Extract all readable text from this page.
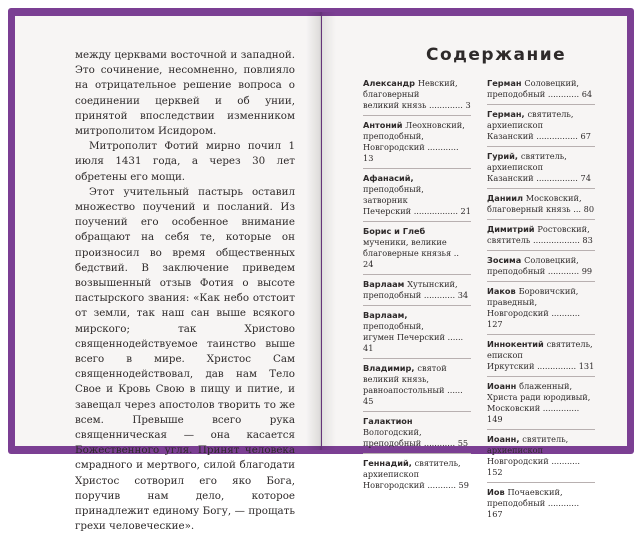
между церквами восточной и западной. Это сочинение, несомненно, повлияло на отрицательное решение вопроса о соединении церквей и об унии, принятой впоследствии изменником митрополитом Исидором.

Митрополит Фотий мирно почил 1 июля 1431 года, а через 30 лет обретены его мощи.

Этот учительный пастырь оставил множество поучений и посланий. Из поучений его особенное внимание обращают на себя те, которые он произносил во время общественных бедствий. В заключение приведем возвышенный отзыв Фотия о высоте пастырского звания: «Как небо отстоит от земли, так наш сан выше всякого мирского; так Христово священнодействуемое таинство выше всего в мире. Христос Сам священнодействовал, дав нам Тело Свое и Кровь Свою в пищу и питие, и завещал через апостолов творить то же всем. Превыше всего рука священническая — она касается Божественного угля. Принят человека смрадного и мертвого, силой благодати Христос сотворил его яко Бога, поручив нам дело, которое принадлежит единому Богу, — прощать грехи человеческие».

Содержание
Александр Невский,
благоверный
великий князь ............. 3
Антоний Леохновский,
преподобный,
Новгородский ............ 13
Афанасий, преподобный,
затворник
Печерский ................. 21
Борис и Глеб мученики, великие
благоверные князья .. 24
Варлаам Хутынский,
преподобный ............ 34
Варлаам, преподобный,
игумен Печерский ...... 41
Владимир, святой
великий князь,
равноапостольный ...... 45
Галактион Вологодский,
преподобный ............ 55
Геннадий, святитель,
архиепископ
Новгородский ........... 59
Герман Соловецкий,
преподобный ............ 64
Герман, святитель,
архиепископ
Казанский ................ 67
Гурий, святитель,
архиепископ
Казанский ................ 74
Даниил Московский,
благоверный князь ... 80
Димитрий Ростовский,
святитель .................. 83
Зосима Соловецкий,
преподобный ............ 99
Иаков Боровичский,
праведный,
Новгородский ........... 127
Иннокентий святитель, епископ
Иркутский ............... 131
Иоанн блаженный,
Христа ради юродивый,
Московский .............. 149
Иоанн, святитель,
архиепископ
Новгородский ........... 152
Иов Почаевский,
преподобный ............ 167
